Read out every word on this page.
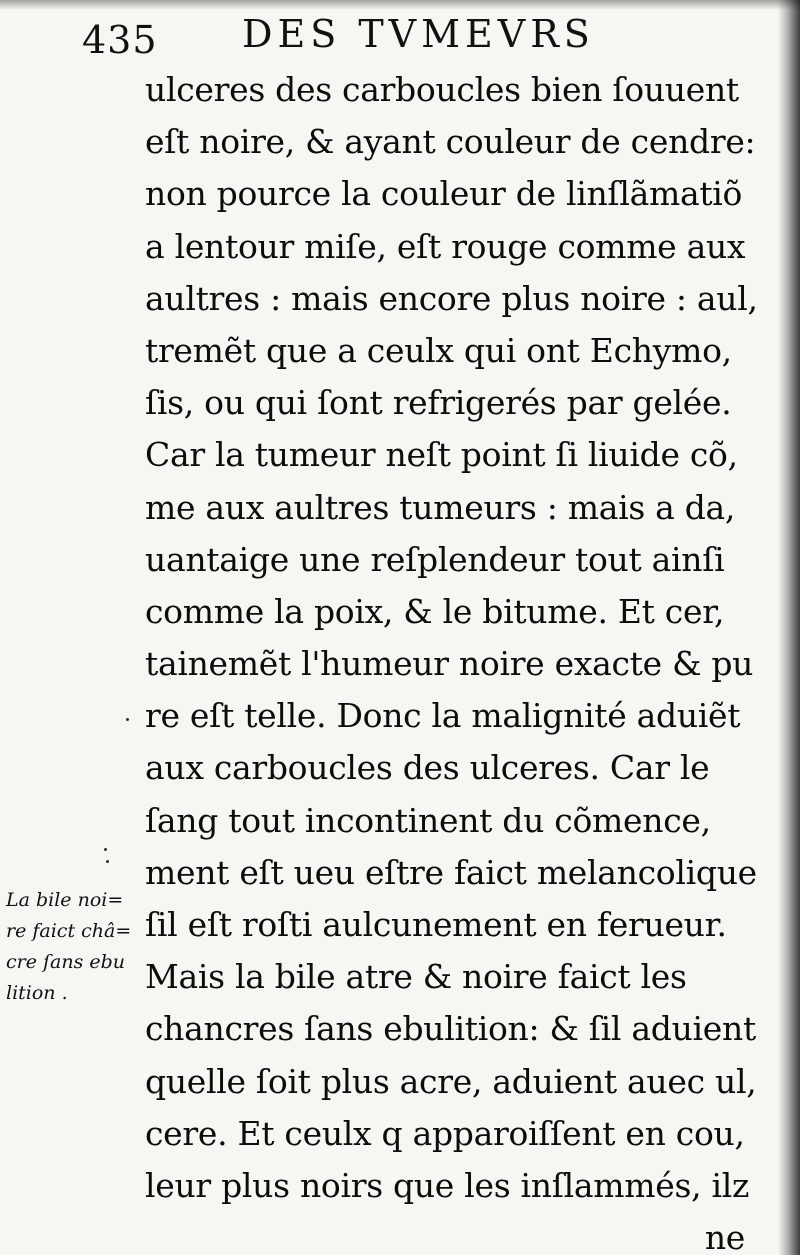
435 DES TVMEVRS
ulceres des carboucles bien ſouuent
eſt noire, & ayant couleur de cendre:
non pource la couleur de linſlãmatiõ
a lentour miſe, eſt rouge comme aux
aultres : mais encore plus noire : aul,
tremẽt que a ceulx qui ont Echymo,
ſis, ou qui ſont refrigerés par gelée.
Car la tumeur neſt point ſi liuide cõ,
me aux aultres tumeurs : mais a da,
uantaige une reſplendeur tout ainſi
comme la poix, & le bitume. Et cer,
tainemẽt l'humeur noire exacte & pu
re eſt telle. Donc la malignité aduiẽt
aux carboucles des ulceres. Car le
ſang tout incontinent du cõmence,
ment eſt ueu eſtre faict melancolique
ſil eſt roſti aulcunement en ferueur.
Mais la bile atre & noire faict les
chancres ſans ebulition: & ſil aduient
quelle ſoit plus acre, aduient auec ul,
cere. Et ceulx q apparoiſſent en cou,
leur plus noirs que les inſlammés, ilz
ne
La bile noi=
re faict châ=
cre ſans ebu
lition .
